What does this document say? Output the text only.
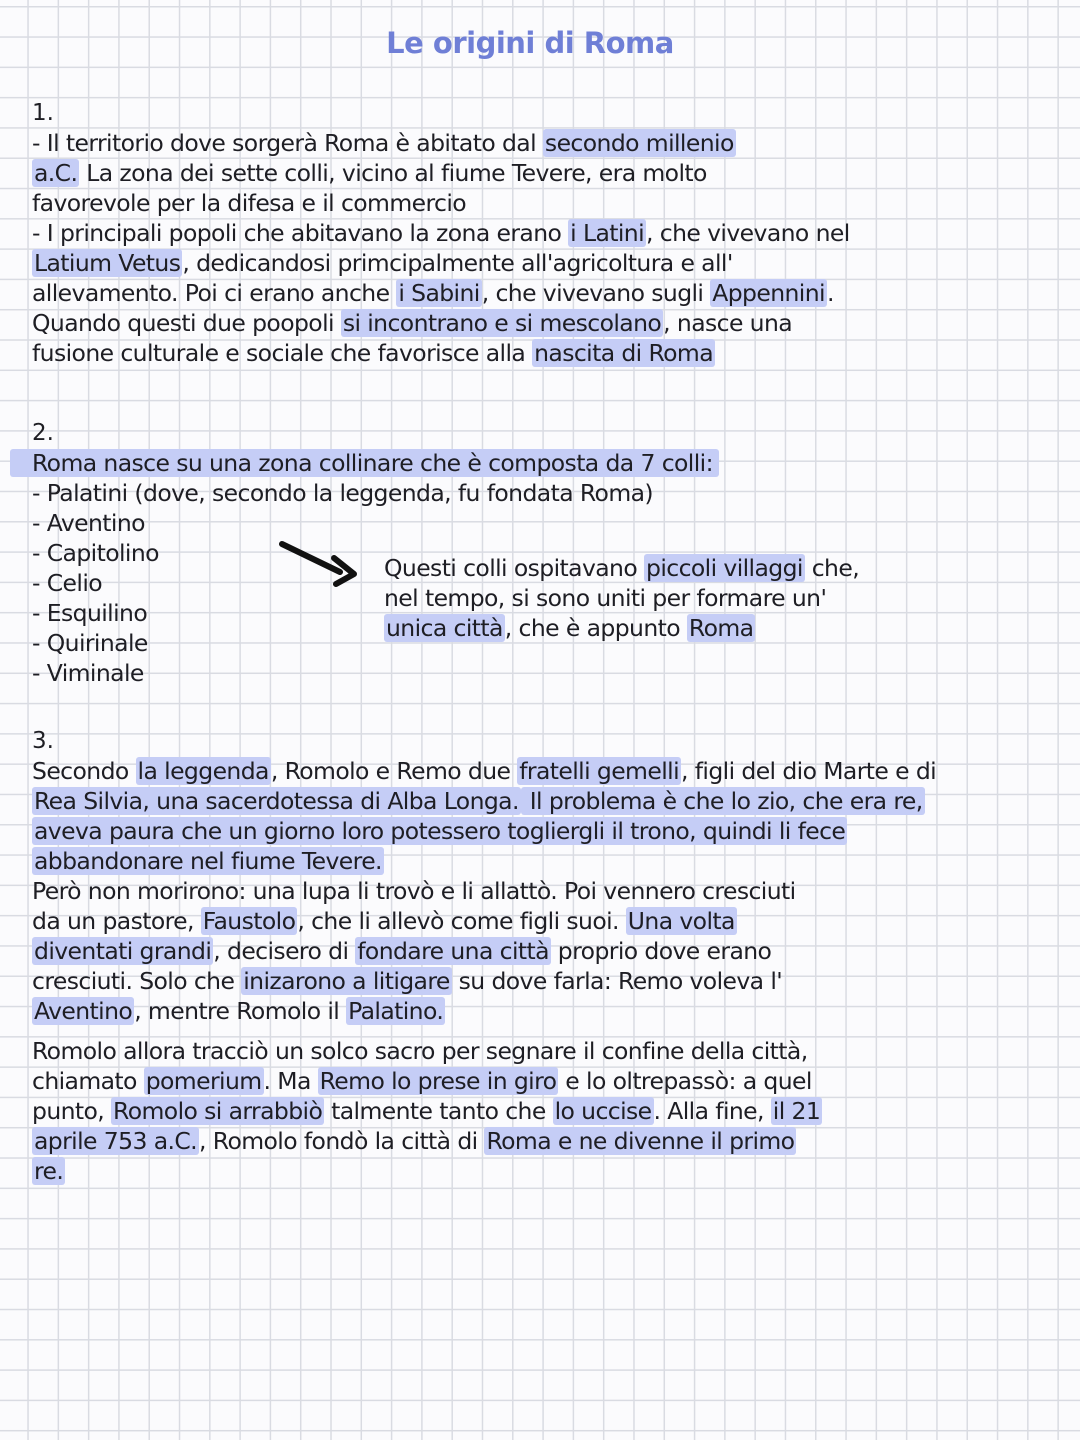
Le origini di Roma
1.
- Il territorio dove sorgerà Roma è abitato dal secondo millenio
a.C. La zona dei sette colli, vicino al fiume Tevere, era molto
favorevole per la difesa e il commercio
- I principali popoli che abitavano la zona erano i Latini, che vivevano nel
Latium Vetus, dedicandosi primcipalmente all'agricoltura e all'
allevamento. Poi ci erano anche i Sabini, che vivevano sugli Appennini.
Quando questi due poopoli si incontrano e si mescolano, nasce una
fusione culturale e sociale che favorisce alla nascita di Roma
2.
Roma nasce su una zona collinare che è composta da 7 colli:
- Palatini (dove, secondo la leggenda, fu fondata Roma)
- Aventino
- Capitolino
- Celio
- Esquilino
- Quirinale
- Viminale
Questi colli ospitavano piccoli villaggi che,
nel tempo, si sono uniti per formare un'
unica città, che è appunto Roma
3.
Secondo la leggenda, Romolo e Remo due fratelli gemelli, figli del dio Marte e di
Rea Silvia, una sacerdotessa di Alba Longa. Il problema è che lo zio, che era re,
aveva paura che un giorno loro potessero togliergli il trono, quindi li fece
abbandonare nel fiume Tevere.
Però non morirono: una lupa li trovò e li allattò. Poi vennero cresciuti
da un pastore, Faustolo, che li allevò come figli suoi. Una volta
diventati grandi, decisero di fondare una città proprio dove erano
cresciuti. Solo che inizarono a litigare su dove farla: Remo voleva l'
Aventino, mentre Romolo il Palatino.
Romolo allora tracciò un solco sacro per segnare il confine della città,
chiamato pomerium. Ma Remo lo prese in giro e lo oltrepassò: a quel
punto, Romolo si arrabbiò talmente tanto che lo uccise. Alla fine, il 21
aprile 753 a.C., Romolo fondò la città di Roma e ne divenne il primo
re.
